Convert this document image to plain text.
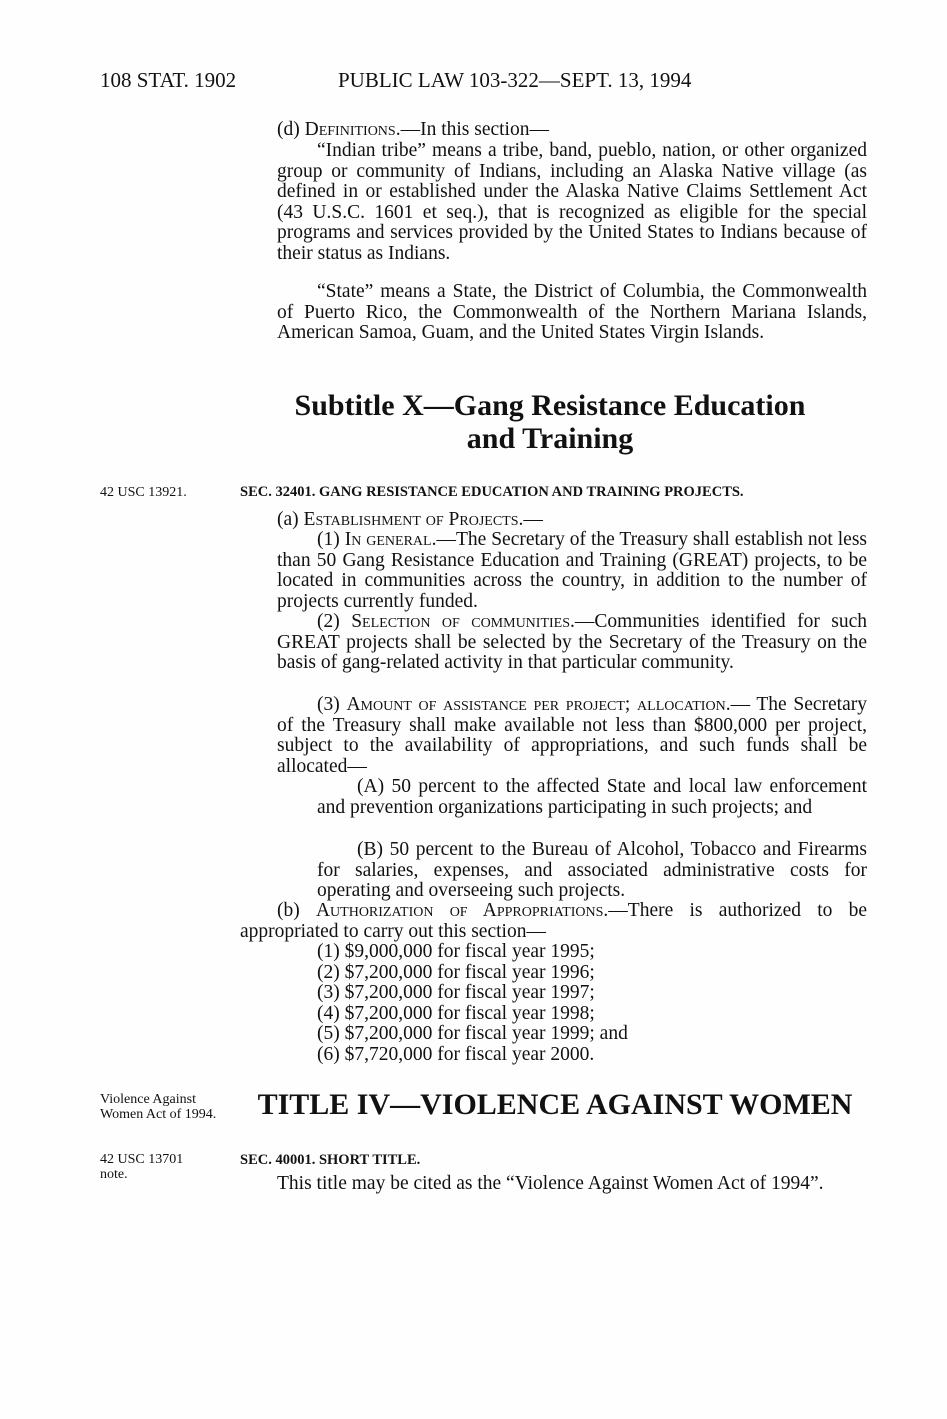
108 STAT. 1902	PUBLIC LAW 103-322—SEPT. 13, 1994
(d) Definitions.—In this section—
“Indian tribe” means a tribe, band, pueblo, nation, or other organized group or community of Indians, including an Alaska Native village (as defined in or established under the Alaska Native Claims Settlement Act (43 U.S.C. 1601 et seq.), that is recognized as eligible for the special programs and services provided by the United States to Indians because of their status as Indians.
“State” means a State, the District of Columbia, the Commonwealth of Puerto Rico, the Commonwealth of the Northern Mariana Islands, American Samoa, Guam, and the United States Virgin Islands.
Subtitle X—Gang Resistance Education
and Training
42 USC 13921.	SEC. 32401. GANG RESISTANCE EDUCATION AND TRAINING PROJECTS.
(a) Establishment of Projects.—
(1) In general.—The Secretary of the Treasury shall establish not less than 50 Gang Resistance Education and Training (GREAT) projects, to be located in communities across the country, in addition to the number of projects currently funded.
(2) Selection of communities.—Communities identified for such GREAT projects shall be selected by the Secretary of the Treasury on the basis of gang-related activity in that particular community.
(3) Amount of assistance per project; allocation.— The Secretary of the Treasury shall make available not less than $800,000 per project, subject to the availability of appropriations, and such funds shall be allocated—
(A) 50 percent to the affected State and local law enforcement and prevention organizations participating in such projects; and
(B) 50 percent to the Bureau of Alcohol, Tobacco and Firearms for salaries, expenses, and associated administrative costs for operating and overseeing such projects.
(b) Authorization of Appropriations.—There is authorized to be appropriated to carry out this section—
(1) $9,000,000 for fiscal year 1995;
(2) $7,200,000 for fiscal year 1996;
(3) $7,200,000 for fiscal year 1997;
(4) $7,200,000 for fiscal year 1998;
(5) $7,200,000 for fiscal year 1999; and
(6) $7,720,000 for fiscal year 2000.
Violence Against Women Act of 1994.	TITLE IV—VIOLENCE AGAINST WOMEN
42 USC 13701 note.
SEC. 40001. SHORT TITLE.
This title may be cited as the “Violence Against Women Act of 1994”.
